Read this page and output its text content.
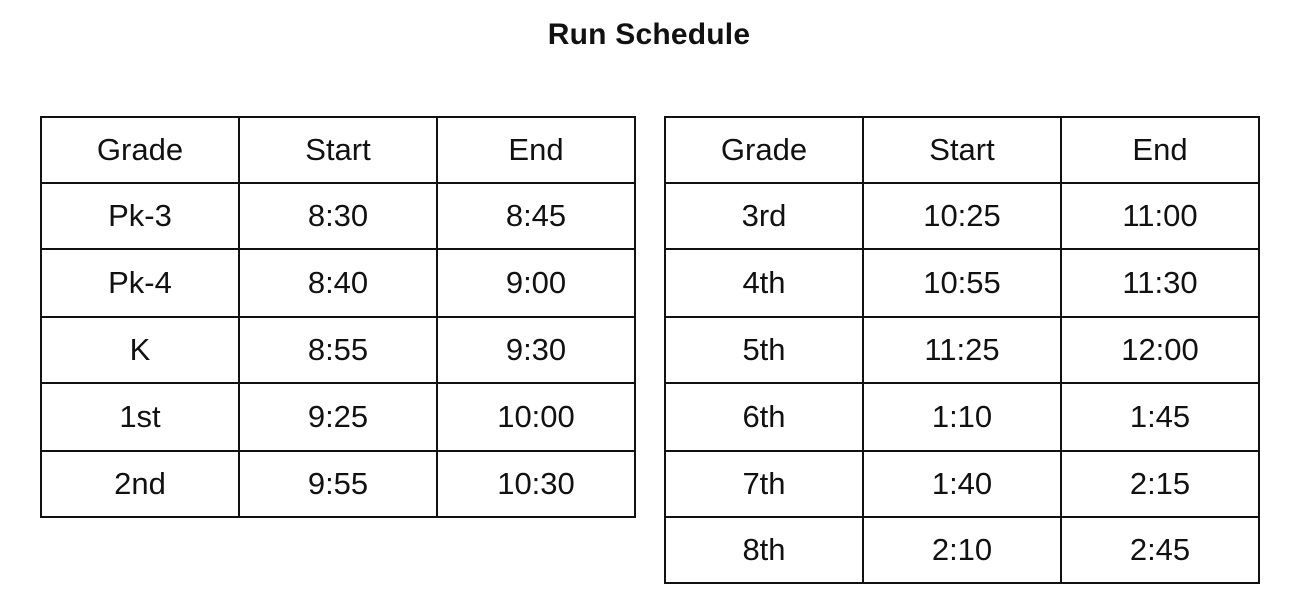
Run Schedule
Grade	Start	End
Pk-3	8:30	8:45
Pk-4	8:40	9:00
K	8:55	9:30
1st	9:25	10:00
2nd	9:55	10:30
Grade	Start	End
3rd	10:25	11:00
4th	10:55	11:30
5th	11:25	12:00
6th	1:10	1:45
7th	1:40	2:15
8th	2:10	2:45
